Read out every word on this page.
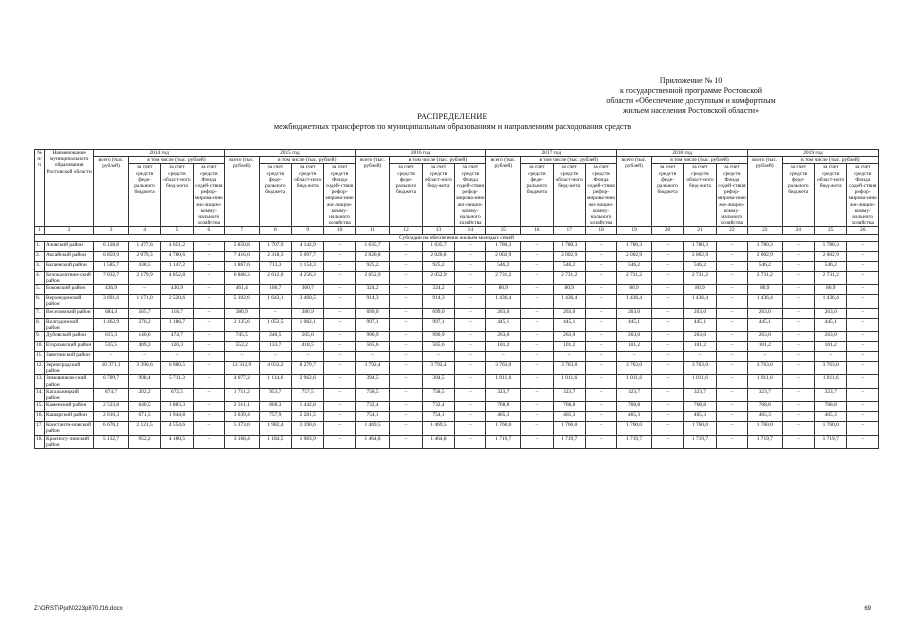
Приложение № 10
к государственной программе Ростовской
области «Обеспечение доступным и комфортным
жильем населения Ростовской области»
РАСПРЕДЕЛЕНИЕ
межбюджетных трансфертов по муниципальным образованиям и направлениям расходования средств
№ п/п	Наименование муниципального образования Ростовской области	2014 год				2015 год				2016 год				2017 год				2018 год				2019 год			
		всего (тыс. рублей)	в том числе (тыс. рублей)			всего (тыс. рублей)	в том числе (тыс. рублей)			всего (тыс. рублей)	в том числе (тыс. рублей)			всего (тыс. рублей)	в том числе (тыс. рублей)			всего (тыс. рублей)	в том числе (тыс. рублей)			всего (тыс. рублей)	в том числе (тыс. рублей)		
			за счет средств феде-рального бюджета	за счет средств област-ного бюд-жета	за счет средств Фонда содей-ствия рефор-мирова-нию жи-лищно-комму-нального хозяйства		за счет средств феде-рального бюджета	за счет средств област-ного бюд-жета	за счет средств Фонда содей-ствия рефор-мирова-нию жи-лищно-комму-нального хозяйства		за счет средств феде-рального бюджета	за счет средств област-ного бюд-жета	за счет средств Фонда содей-ствия рефор-мирова-нию жи-лищно-комму-нального хозяйства		за счет средств феде-рального бюджета	за счет средств област-ного бюд-жета	за счет средств Фонда содей-ствия рефор-мирова-нию жи-лищно-комму-нального хозяйства		за счет средств феде-рального бюджета	за счет средств област-ного бюд-жета	за счет средств Фонда содей-ствия рефор-мирова-нию жи-лищно-комму-нального хозяйства		за счет средств феде-рального бюджета	за счет средств област-ного бюд-жета	за счет средств Фонда содей-ствия рефор-мирова-нию жи-лищно-комму-нального хозяйства
1	2	3	4	5	6	7	8	9	10	11	12	13	14	15	16	17	18	19	20	21	22	23	24	25	26
Субсидии на обеспечение жильем молодых семей																									
1.	Азовский район	6 128,8	1 477,6	4 651,2	–	5 850,8	1 707,9	4 142,9	–	1 635,7	–	1 635,7	–	1 780,3	–	1 780,3	–	1 780,3	–	1 780,3	–	1 780,3	–	1 780,3	–
2.	Аксайский район	6 859,9	2 079,3	4 780,6	–	7 416,0	2 318,3	5 097,7	–	2 020,8	–	2 020,8	–	2 002,9	–	2 002,9	–	2 002,9	–	2 002,9	–	2 002,9	–	2 002,9	–
3.	Багаевский район	1 585,7	438,5	1 147,2	–	1 867,6	713,3	1 154,3	–	925,2	–	925,2	–	546,2	–	546,2	–	546,2	–	546,2	–	546,2	–	546,2	–
4.	Белокалитвин-ский район	7 032,7	2 179,9	4 852,8	–	6 868,3	2 612,0	4 256,3	–	2 052,9	–	2 052,9	–	2 731,2	–	2 731,2	–	2 731,2	–	2 731,2	–	2 731,2	–	2 731,2	–
5.	Боковский район	436,9	–	436,9	–	461,4	100,7	360,7	–	324,2	–	324,2	–	80,9	–	80,9	–	80,9	–	80,9	–	80,9	–	80,9	–
6.	Верхнедонской район	3 691,6	1 171,0	2 520,6	–	5 102,6	1 642,1	3 460,5	–	914,3	–	914,3	–	1 436,4	–	1 436,4	–	1 436,4	–	1 436,4	–	1 436,4	–	1 436,4	–
7.	Веселовский район	684,4	565,7	118,7	–	386,9	–	386,9	–	699,0	–	699,0	–	263,0	–	263,0	–	263,0	–	263,0	–	263,0	–	263,0	–
8.	Волгодонской район	1 462,9	276,2	1 186,7	–	2 135,6	1 053,5	1 082,1	–	997,1	–	997,1	–	445,1	–	445,1	–	445,1	–	445,1	–	445,1	–	445,1	–
9.	Дубовский район	615,3	140,6	474,7	–	745,5	240,5	505,0	–	990,9	–	990,9	–	263,0	–	263,0	–	263,0	–	263,0	–	263,0	–	263,0	–
10.	Егорлыкский район	535,5	409,2	126,3	–	552,2	133,7	418,5	–	565,6	–	565,6	–	101,2	–	101,2	–	101,2	–	101,2	–	101,2	–	101,2	–
11.	Заветинский район	–	–	–	–	–	–	–	–	–	–	–	–	–	–	–	–	–	–	–	–	–	–	–	–
12.	Зерноградский район	10 371,1	3 390,6	6 980,5	–	12 312,9	4 033,2	8 279,7	–	3 792,4	–	3 792,4	–	3 763,0	–	3 763,0	–	3 763,0	–	3 763,0	–	3 763,0	–	3 763,0	–
13.	Зимовников-ский район	6 709,7	998,4	5 711,3	–	4 077,2	1 114,6	2 962,6	–	394,5	–	394,5	–	1 011,6	–	1 011,6	–	1 011,6	–	1 011,6	–	1 011,6	–	1 011,6	–
14.	Кагальницкий район	874,7	202,2	672,5	–	1 711,2	953,7	757,5	–	758,5	–	758,5	–	323,7	–	323,7	–	323,7	–	323,7	–	323,7	–	323,7	–
15.	Каменский район	2 523,8	640,5	1 883,3	–	2 311,1	868,3	1 442,8	–	732,4	–	732,4	–	768,8	–	768,8	–	768,8	–	768,8	–	768,8	–	768,8	–
16.	Кашарский район	2 616,3	671,5	1 944,8	–	3 039,4	757,9	2 281,5	–	754,1	–	754,1	–	465,3	–	465,3	–	465,3	–	465,3	–	465,3	–	465,3	–
17.	Константи-новский район	6 676,1	2 121,5	4 554,6	–	5 373,0	1 982,4	3 390,6	–	1 469,5	–	1 469,5	–	1 760,0	–	1 760,0	–	1 760,0	–	1 760,0	–	1 760,0	–	1 760,0	–
18.	Красносу-линский район	5 132,7	952,2	4 180,5	–	3 168,4	1 184,5	1 983,9	–	1 464,8	–	1 464,8	–	1 719,7	–	1 719,7	–	1 719,7	–	1 719,7	–	1 719,7	–	1 719,7	–
Z:\ORST\Ppd\0223p870.f16.docx	69
